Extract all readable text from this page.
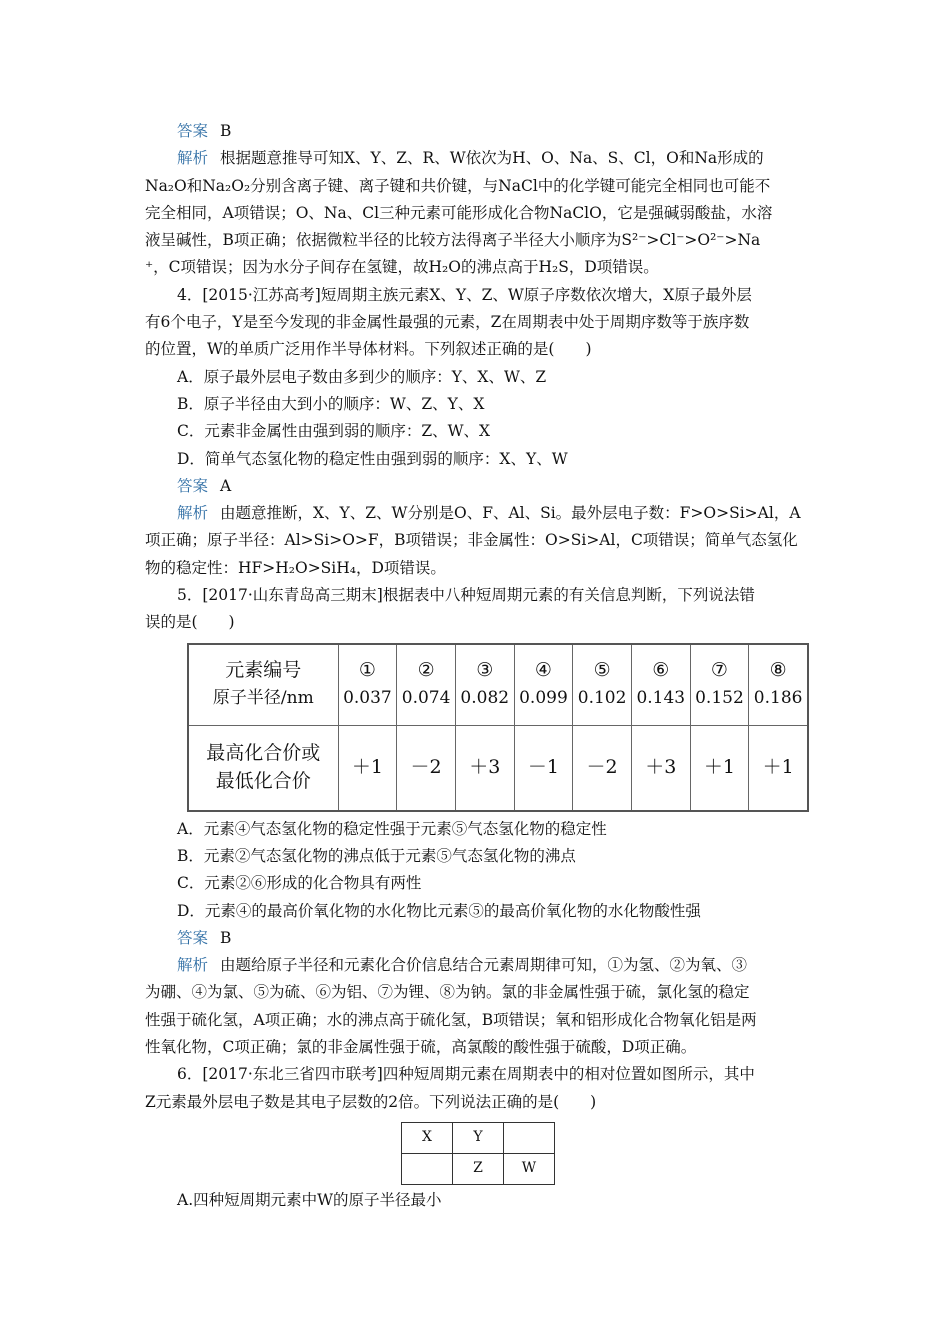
答案 B
解析 根据题意推导可知X、Y、Z、R、W依次为H、O、Na、S、Cl，O和Na形成的
Na₂O和Na₂O₂分别含离子键、离子键和共价键，与NaCl中的化学键可能完全相同也可能不
完全相同，A项错误；O、Na、Cl三种元素可能形成化合物NaClO，它是强碱弱酸盐，水溶
液呈碱性，B项正确；依据微粒半径的比较方法得离子半径大小顺序为S²⁻>Cl⁻>O²⁻>Na
⁺，C项错误；因为水分子间存在氢键，故H₂O的沸点高于H₂S，D项错误。
4．[2015·江苏高考]短周期主族元素X、Y、Z、W原子序数依次增大，X原子最外层
有6个电子，Y是至今发现的非金属性最强的元素，Z在周期表中处于周期序数等于族序数
的位置，W的单质广泛用作半导体材料。下列叙述正确的是(　　)
A．原子最外层电子数由多到少的顺序：Y、X、W、Z
B．原子半径由大到小的顺序：W、Z、Y、X
C．元素非金属性由强到弱的顺序：Z、W、X
D．简单气态氢化物的稳定性由强到弱的顺序：X、Y、W
答案 A
解析 由题意推断，X、Y、Z、W分别是O、F、Al、Si。最外层电子数：F>O>Si>Al，A
项正确；原子半径：Al>Si>O>F，B项错误；非金属性：O>Si>Al，C项错误；简单气态氢化
物的稳定性：HF>H₂O>SiH₄，D项错误。
5．[2017·山东青岛高三期末]根据表中八种短周期元素的有关信息判断，下列说法错
误的是(　　)
元素编号	①	②	③	④	⑤	⑥	⑦	⑧
原子半径/nm	0.037	0.074	0.082	0.099	0.102	0.143	0.152	0.186

最高化合价或
最低化合价	＋1	－2	＋3	－1	－2	＋3	＋1	＋1
A．元素④气态氢化物的稳定性强于元素⑤气态氢化物的稳定性
B．元素②气态氢化物的沸点低于元素⑤气态氢化物的沸点
C．元素②⑥形成的化合物具有两性
D．元素④的最高价氧化物的水化物比元素⑤的最高价氧化物的水化物酸性强
答案 B
解析 由题给原子半径和元素化合价信息结合元素周期律可知，①为氢、②为氧、③
为硼、④为氯、⑤为硫、⑥为铝、⑦为锂、⑧为钠。氯的非金属性强于硫，氯化氢的稳定
性强于硫化氢，A项正确；水的沸点高于硫化氢，B项错误；氧和铝形成化合物氧化铝是两
性氧化物，C项正确；氯的非金属性强于硫，高氯酸的酸性强于硫酸，D项正确。
6．[2017·东北三省四市联考]四种短周期元素在周期表中的相对位置如图所示，其中
Z元素最外层电子数是其电子层数的2倍。下列说法正确的是(　　)
X	Y	
	Z	W
A.四种短周期元素中W的原子半径最小
